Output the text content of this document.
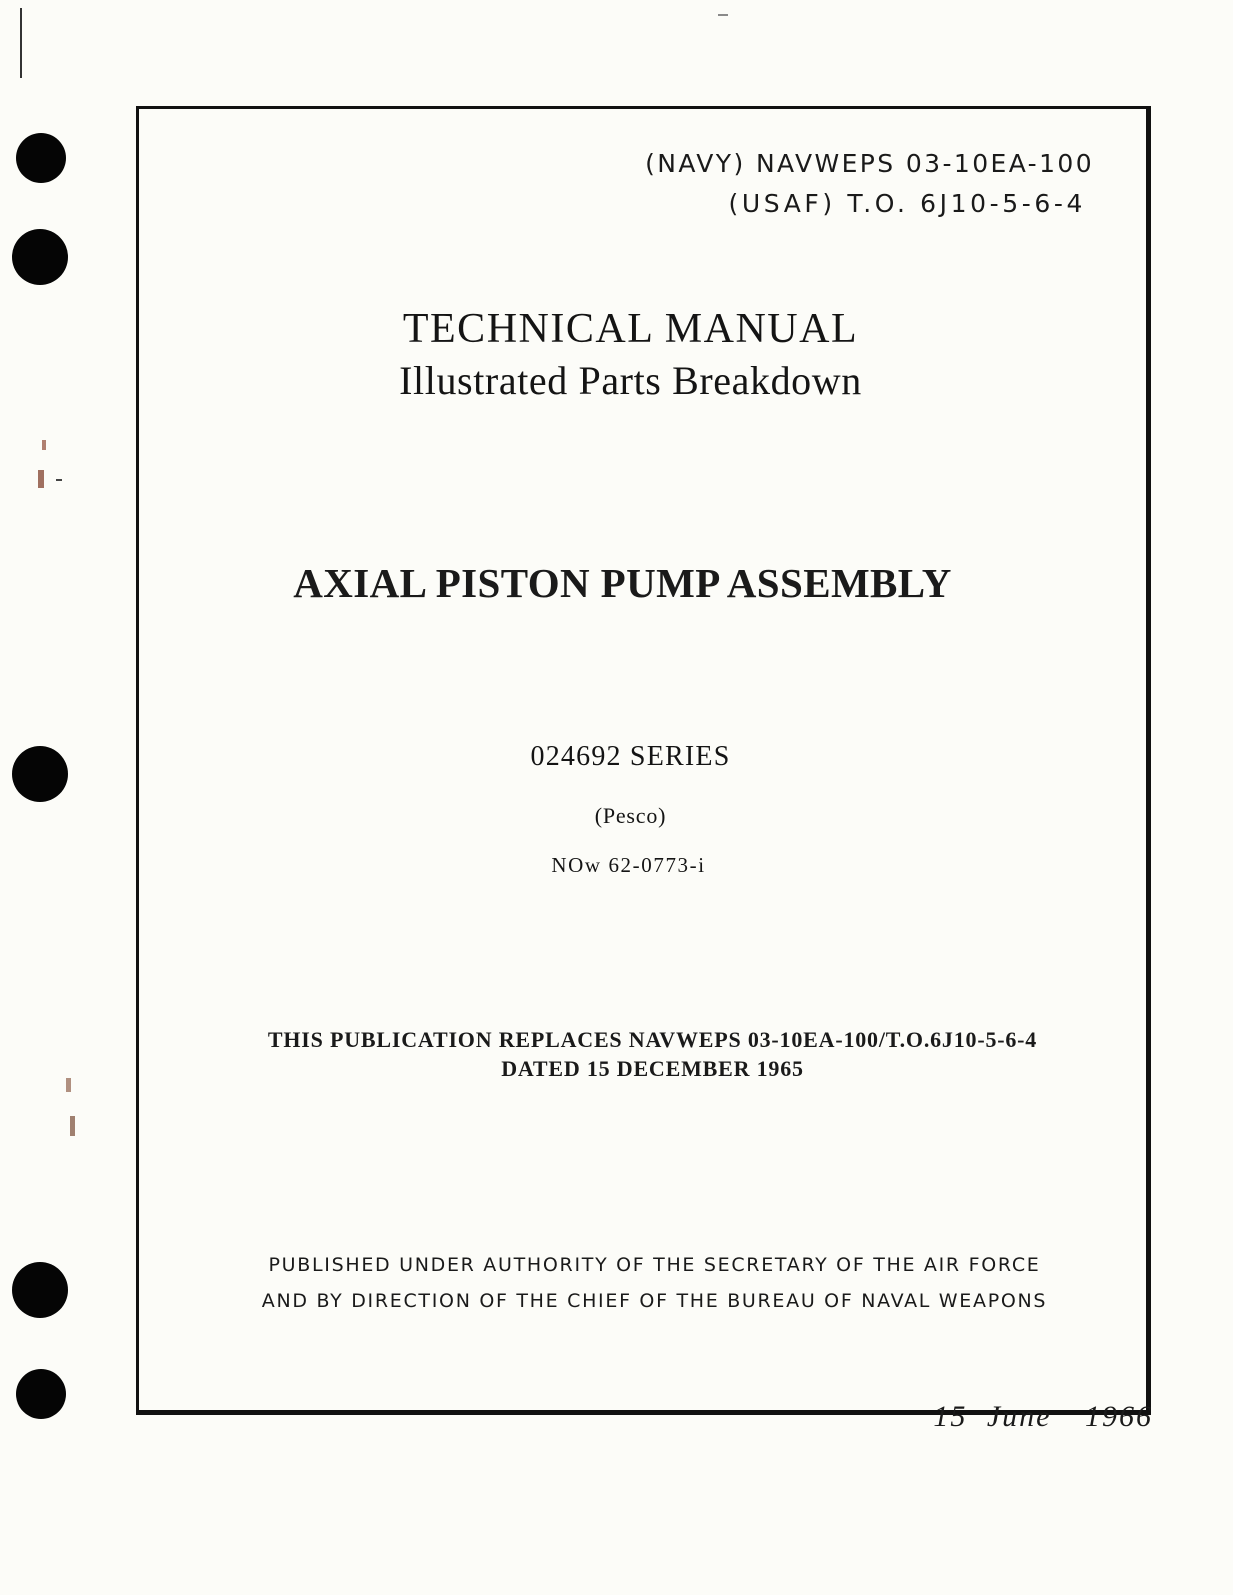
(NAVY) NAVWEPS 03-10EA-100
(USAF) T.O. 6J10-5-6-4
TECHNICAL MANUAL
Illustrated Parts Breakdown
AXIAL PISTON PUMP ASSEMBLY
024692 SERIES
(Pesco)
NOw 62-0773-i
THIS PUBLICATION REPLACES NAVWEPS 03-10EA-100/T.O.6J10-5-6-4
DATED 15 DECEMBER 1965
PUBLISHED UNDER AUTHORITY OF THE SECRETARY OF THE AIR FORCE
AND BY DIRECTION OF THE CHIEF OF THE BUREAU OF NAVAL WEAPONS
15 June 1966
